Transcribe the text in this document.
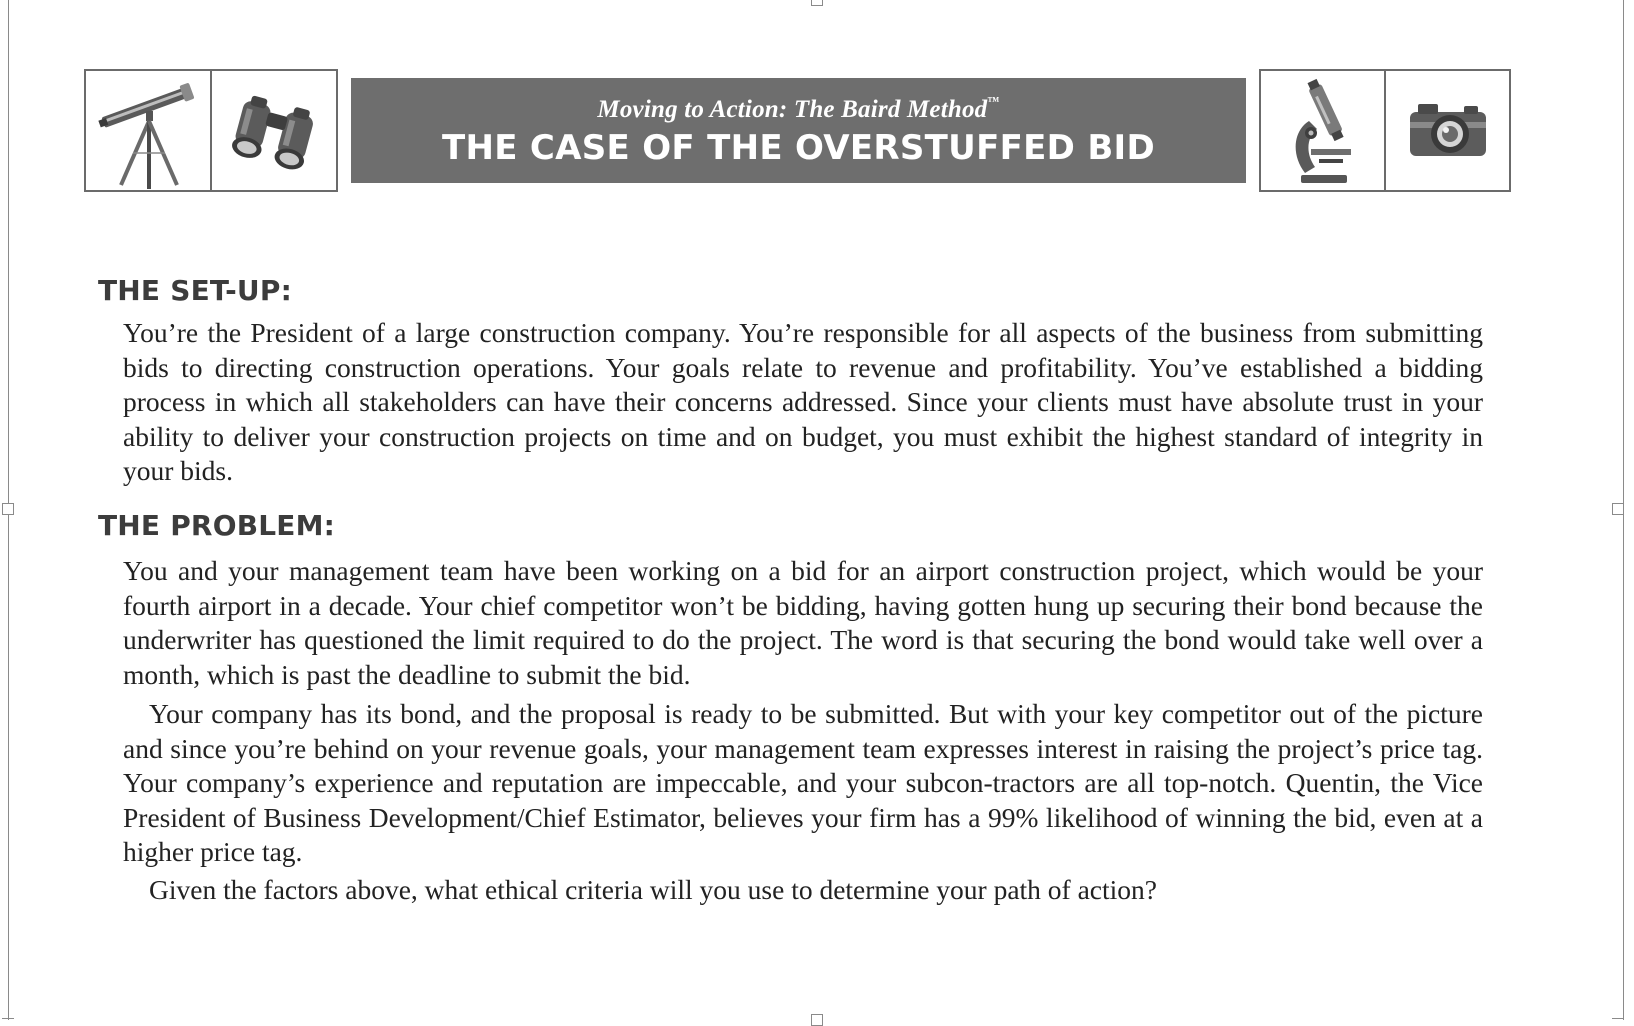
Moving to Action: The Baird Method™
THE CASE OF THE OVERSTUFFED BID
THE SET-UP:

You’re the President of a large construction company. You’re responsible for all aspects of the business from submitting bids to directing construction operations. Your goals relate to revenue and profitability. You’ve established a bidding process in which all stakeholders can have their concerns addressed. Since your clients must have absolute trust in your ability to deliver your construction projects on time and on budget, you must exhibit the highest standard of integrity in your bids.

THE PROBLEM:

You and your management team have been working on a bid for an airport construction project, which would be your fourth airport in a decade. Your chief competitor won’t be bidding, having gotten hung up securing their bond because the underwriter has questioned the limit required to do the project. The word is that securing the bond would take well over a month, which is past the deadline to submit the bid.

Your company has its bond, and the proposal is ready to be submitted. But with your key competitor out of the picture and since you’re behind on your revenue goals, your management team expresses interest in raising the project’s price tag. Your company’s experience and reputation are impeccable, and your subcon-tractors are all top-notch. Quentin, the Vice President of Business Development/Chief Estimator, believes your firm has a 99% likelihood of winning the bid, even at a higher price tag.

Given the factors above, what ethical criteria will you use to determine your path of action?
